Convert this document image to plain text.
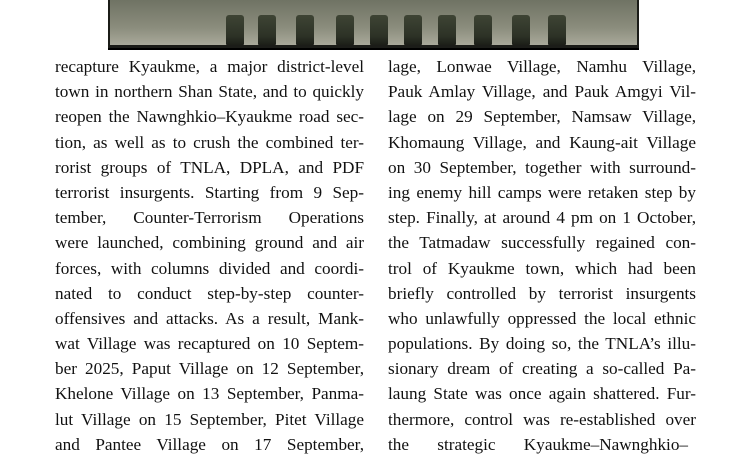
recapture Kyaukme, a major district-level
town in northern Shan State, and to quickly
reopen the Nawnghkio–Kyaukme road sec-
tion, as well as to crush the combined ter-
rorist groups of TNLA, DPLA, and PDF
terrorist insurgents. Starting from 9 Sep-
tember, Counter-Terrorism Operations
were launched, combining ground and air
forces, with columns divided and coordi-
nated to conduct step-by-step counter-
offensives and attacks. As a result, Mank-
wat Village was recaptured on 10 Septem-
ber 2025, Paput Village on 12 September,
Khelone Village on 13 September, Panma-
lut Village on 15 September, Pitet Village
and Pantee Village on 17 September,
lage, Lonwae Village, Namhu Village,
Pauk Amlay Village, and Pauk Amgyi Vil-
lage on 29 September, Namsaw Village,
Khomaung Village, and Kaung-ait Village
on 30 September, together with surround-
ing enemy hill camps were retaken step by
step. Finally, at around 4 pm on 1 October,
the Tatmadaw successfully regained con-
trol of Kyaukme town, which had been
briefly controlled by terrorist insurgents
who unlawfully oppressed the local ethnic
populations. By doing so, the TNLA’s illu-
sionary dream of creating a so-called Pa-
laung State was once again shattered. Fur-
thermore, control was re-established over
the strategic Kyaukme–Nawnghkio–
